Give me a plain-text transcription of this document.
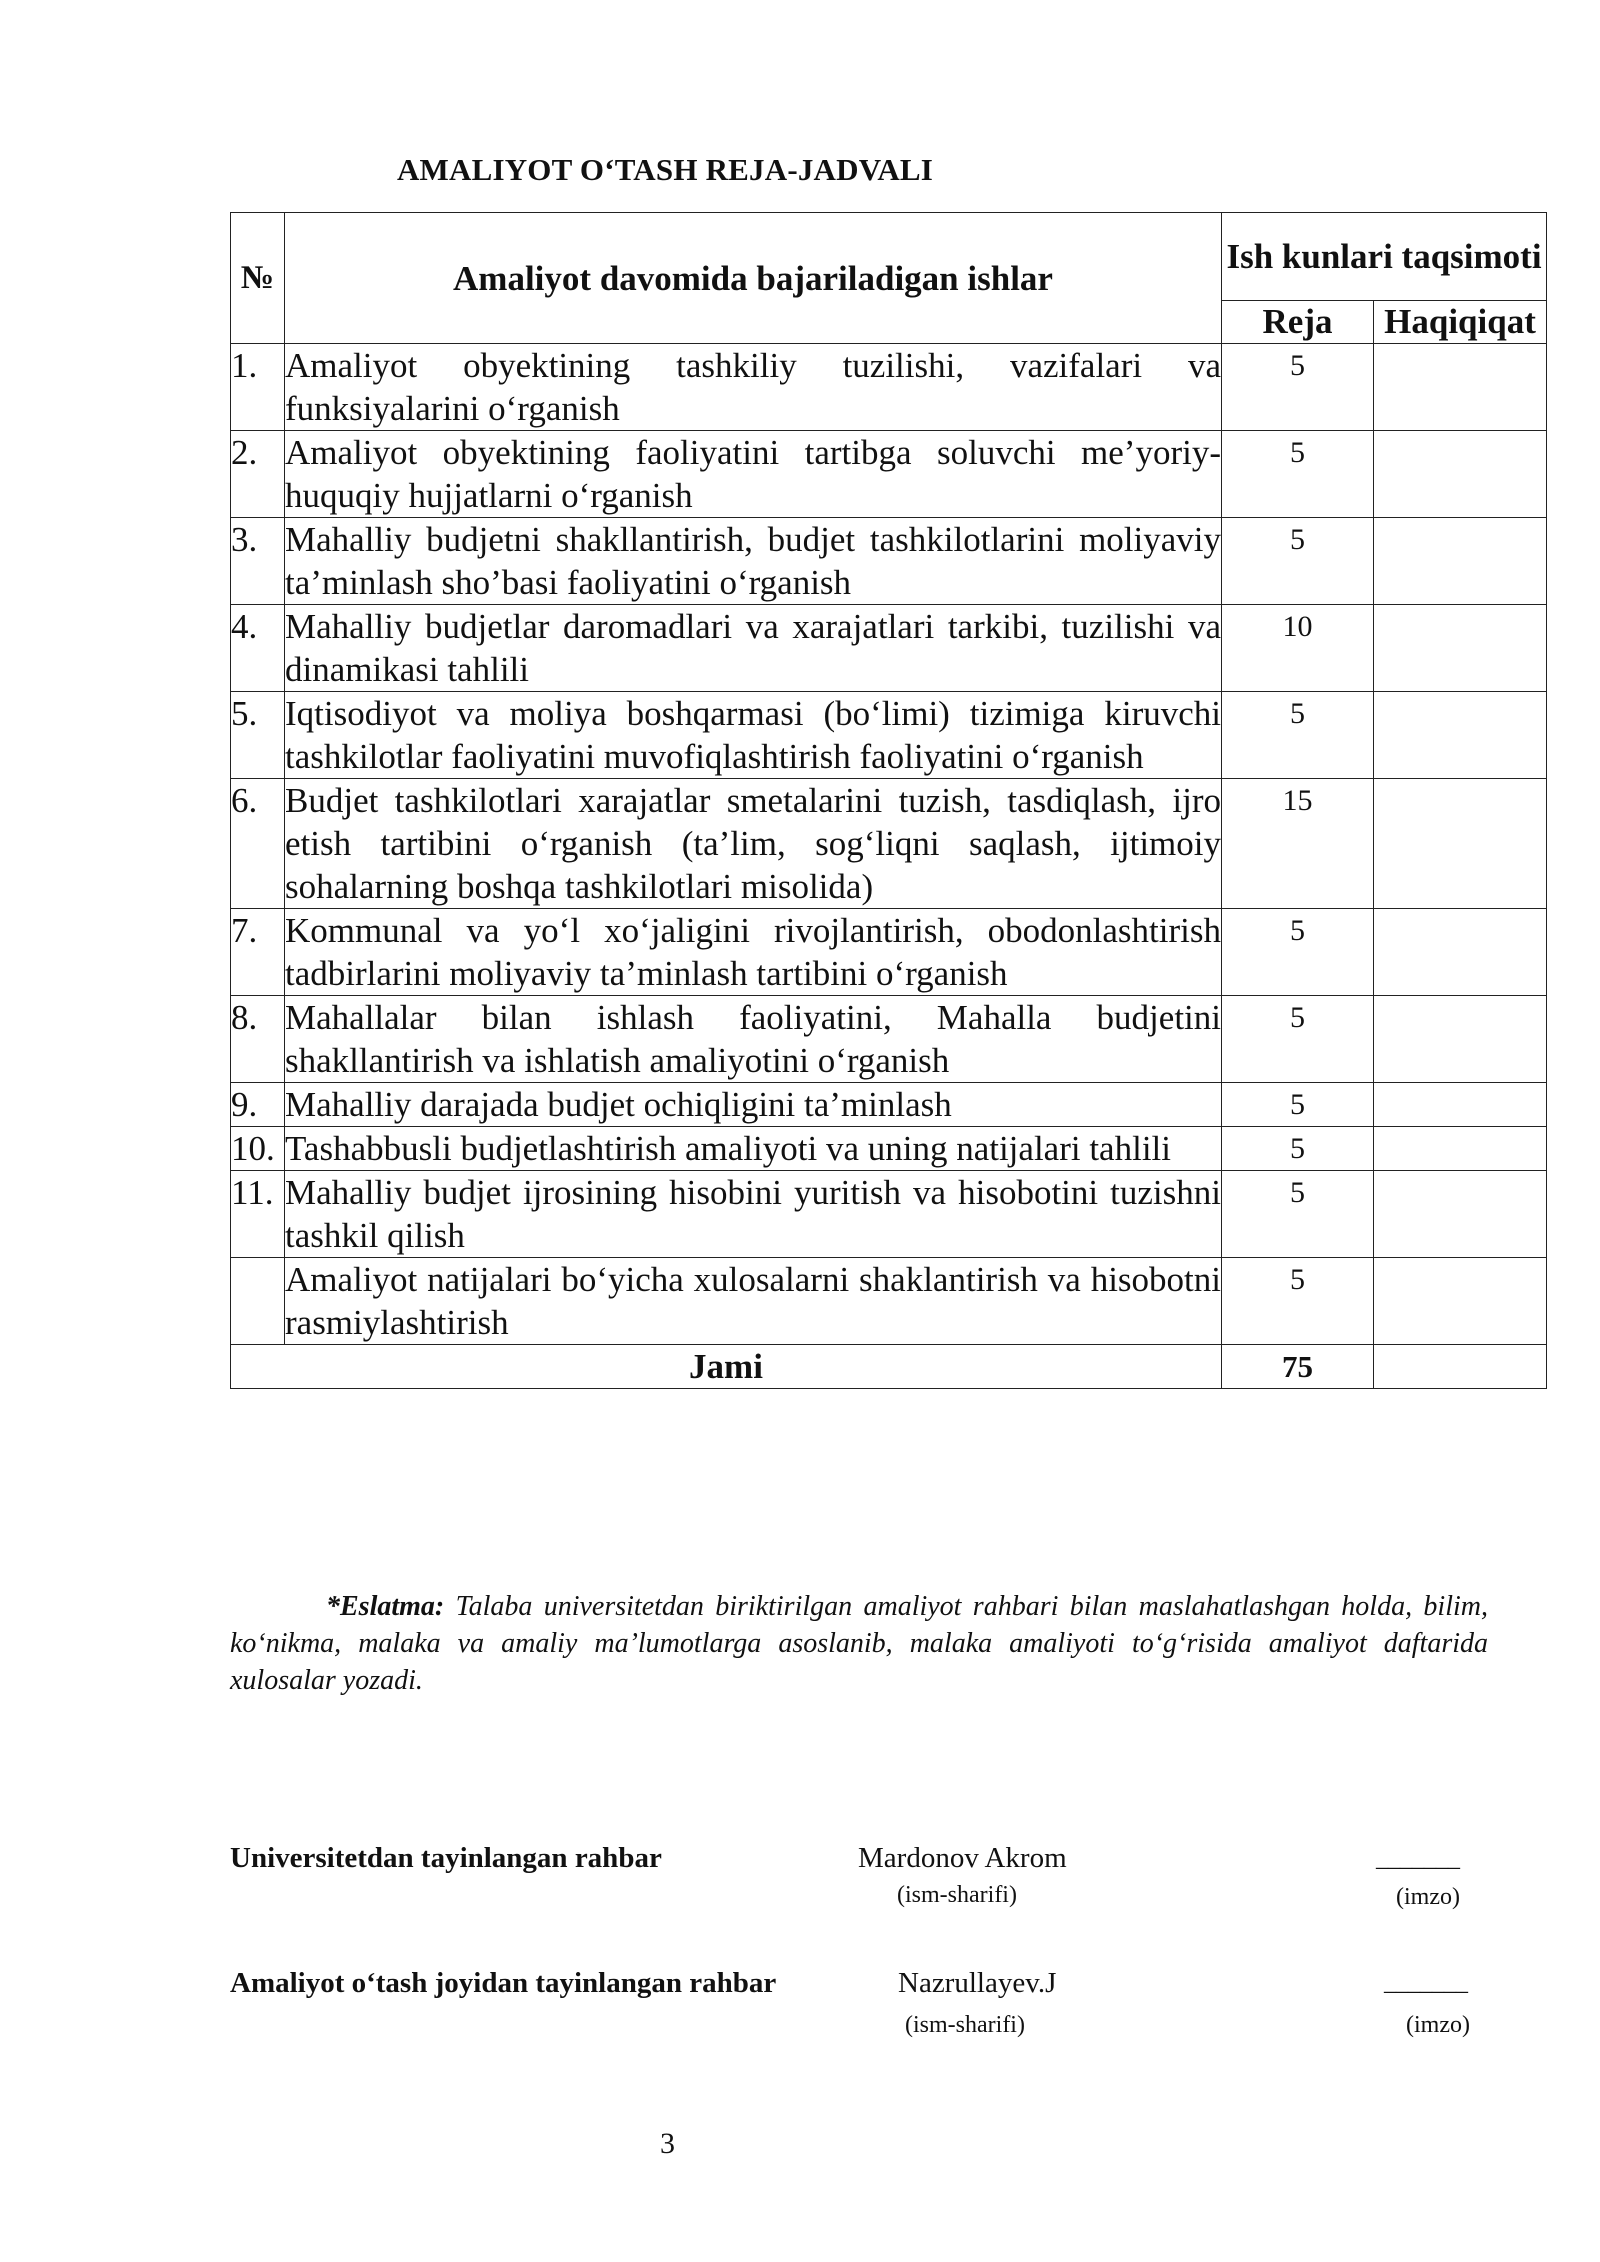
AMALIYOT O‘TASH REJA-JADVALI
№	Amaliyot davomida bajariladigan ishlar	Ish kunlari taqsimoti	
		Reja	Haqiqiqat
1.	Amaliyot obyektining tashkiliy tuzilishi, vazifalari va funksiyalarini o‘rganish	5	
2.	Amaliyot obyektining faoliyatini tartibga soluvchi me’yoriy-huquqiy hujjatlarni o‘rganish	5	
3.	Mahalliy budjetni shakllantirish, budjet tashkilotlarini moliyaviy ta’minlash sho’basi faoliyatini o‘rganish	5	
4.	Mahalliy budjetlar daromadlari va xarajatlari tarkibi, tuzilishi va dinamikasi tahlili	10	
5.	Iqtisodiyot va moliya boshqarmasi (bo‘limi) tizimiga kiruvchi tashkilotlar faoliyatini muvofiqlashtirish faoliyatini o‘rganish	5	
6.	Budjet tashkilotlari xarajatlar smetalarini tuzish, tasdiqlash, ijro etish tartibini o‘rganish (ta’lim, sog‘liqni saqlash, ijtimoiy sohalarning boshqa tashkilotlari misolida)	15	
7.	Kommunal va yo‘l xo‘jaligini rivojlantirish, obodonlashtirish tadbirlarini moliyaviy ta’minlash tartibini o‘rganish	5	
8.	Mahallalar bilan ishlash faoliyatini, Mahalla budjetini shakllantirish va ishlatish amaliyotini o‘rganish	5	
9.	Mahalliy darajada budjet ochiqligini ta’minlash	5	
10.	Tashabbusli budjetlashtirish amaliyoti va uning natijalari tahlili	5	
11.	Mahalliy budjet ijrosining hisobini yuritish va hisobotini tuzishni tashkil qilish	5	
	Amaliyot natijalari bo‘yicha xulosalarni shaklantirish va hisobotni rasmiylashtirish	5	
Jami		75	
*Eslatma: Talaba universitetdan biriktirilgan amaliyot rahbari bilan maslahatlashgan holda, bilim, ko‘nikma, malaka va amaliy ma’lumotlarga asoslanib, malaka amaliyoti to‘g‘risida amaliyot daftarida xulosalar yozadi.
Universitetdan tayinlangan rahbar	Mardonov Akrom
(ism-sharifi)
_______
(imzo)
Amaliyot o‘tash joyidan tayinlangan rahbar	Nazrullayev.J
(ism-sharifi)
_______
(imzo)
3
